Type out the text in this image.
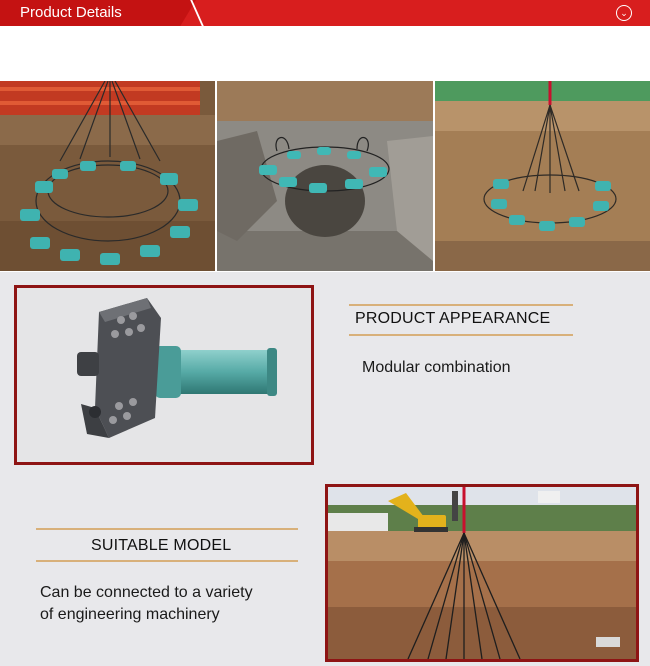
Product Details	⌄
PRODUCT APPEARANCE
Modular combination
SUITABLE MODEL
Can be connected to a variety
of engineering machinery
